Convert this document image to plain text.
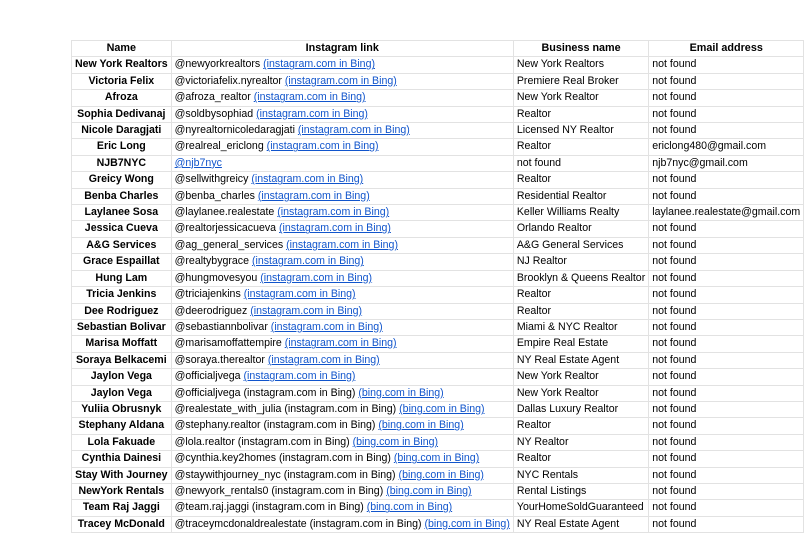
Name	Instagram link	Business name	Email address
New York Realtors	@newyorkrealtors (instagram.com in Bing)	New York Realtors	not found
Victoria Felix	@victoriafelix.nyrealtor (instagram.com in Bing)	Premiere Real Broker	not found
Afroza	@afroza_realtor (instagram.com in Bing)	New York Realtor	not found
Sophia Dedivanaj	@soldbysophiad (instagram.com in Bing)	Realtor	not found
Nicole Daragjati	@nyrealtornicoledaragjati (instagram.com in Bing)	Licensed NY Realtor	not found
Eric Long	@realreal_ericlong (instagram.com in Bing)	Realtor	ericlong480@gmail.com
NJB7NYC	@njb7nyc	not found	njb7nyc@gmail.com
Greicy Wong	@sellwithgreicy (instagram.com in Bing)	Realtor	not found
Benba Charles	@benba_charles (instagram.com in Bing)	Residential Realtor	not found
Laylanee Sosa	@laylanee.realestate (instagram.com in Bing)	Keller Williams Realty	laylanee.realestate@gmail.com
Jessica Cueva	@realtorjessicacueva (instagram.com in Bing)	Orlando Realtor	not found
A&G Services	@ag_general_services (instagram.com in Bing)	A&G General Services	not found
Grace Espaillat	@realtybygrace (instagram.com in Bing)	NJ Realtor	not found
Hung Lam	@hungmovesyou (instagram.com in Bing)	Brooklyn & Queens Realtor	not found
Tricia Jenkins	@triciajenkins (instagram.com in Bing)	Realtor	not found
Dee Rodriguez	@deerodriguez (instagram.com in Bing)	Realtor	not found
Sebastian Bolivar	@sebastiannbolivar (instagram.com in Bing)	Miami & NYC Realtor	not found
Marisa Moffatt	@marisamoffattempire (instagram.com in Bing)	Empire Real Estate	not found
Soraya Belkacemi	@soraya.therealtor (instagram.com in Bing)	NY Real Estate Agent	not found
Jaylon Vega	@officialjvega (instagram.com in Bing)	New York Realtor	not found
Jaylon Vega	@officialjvega (instagram.com in Bing) (bing.com in Bing)	New York Realtor	not found
Yuliia Obrusnyk	@realestate_with_julia (instagram.com in Bing) (bing.com in Bing)	Dallas Luxury Realtor	not found
Stephany Aldana	@stephany.realtor (instagram.com in Bing) (bing.com in Bing)	Realtor	not found
Lola Fakuade	@lola.realtor (instagram.com in Bing) (bing.com in Bing)	NY Realtor	not found
Cynthia Dainesi	@cynthia.key2homes (instagram.com in Bing) (bing.com in Bing)	Realtor	not found
Stay With Journey	@staywithjourney_nyc (instagram.com in Bing) (bing.com in Bing)	NYC Rentals	not found
NewYork Rentals	@newyork_rentals0 (instagram.com in Bing) (bing.com in Bing)	Rental Listings	not found
Team Raj Jaggi	@team.raj.jaggi (instagram.com in Bing) (bing.com in Bing)	YourHomeSoldGuaranteed	not found
Tracey McDonald	@traceymcdonaldrealestate (instagram.com in Bing) (bing.com in Bing)	NY Real Estate Agent	not found
